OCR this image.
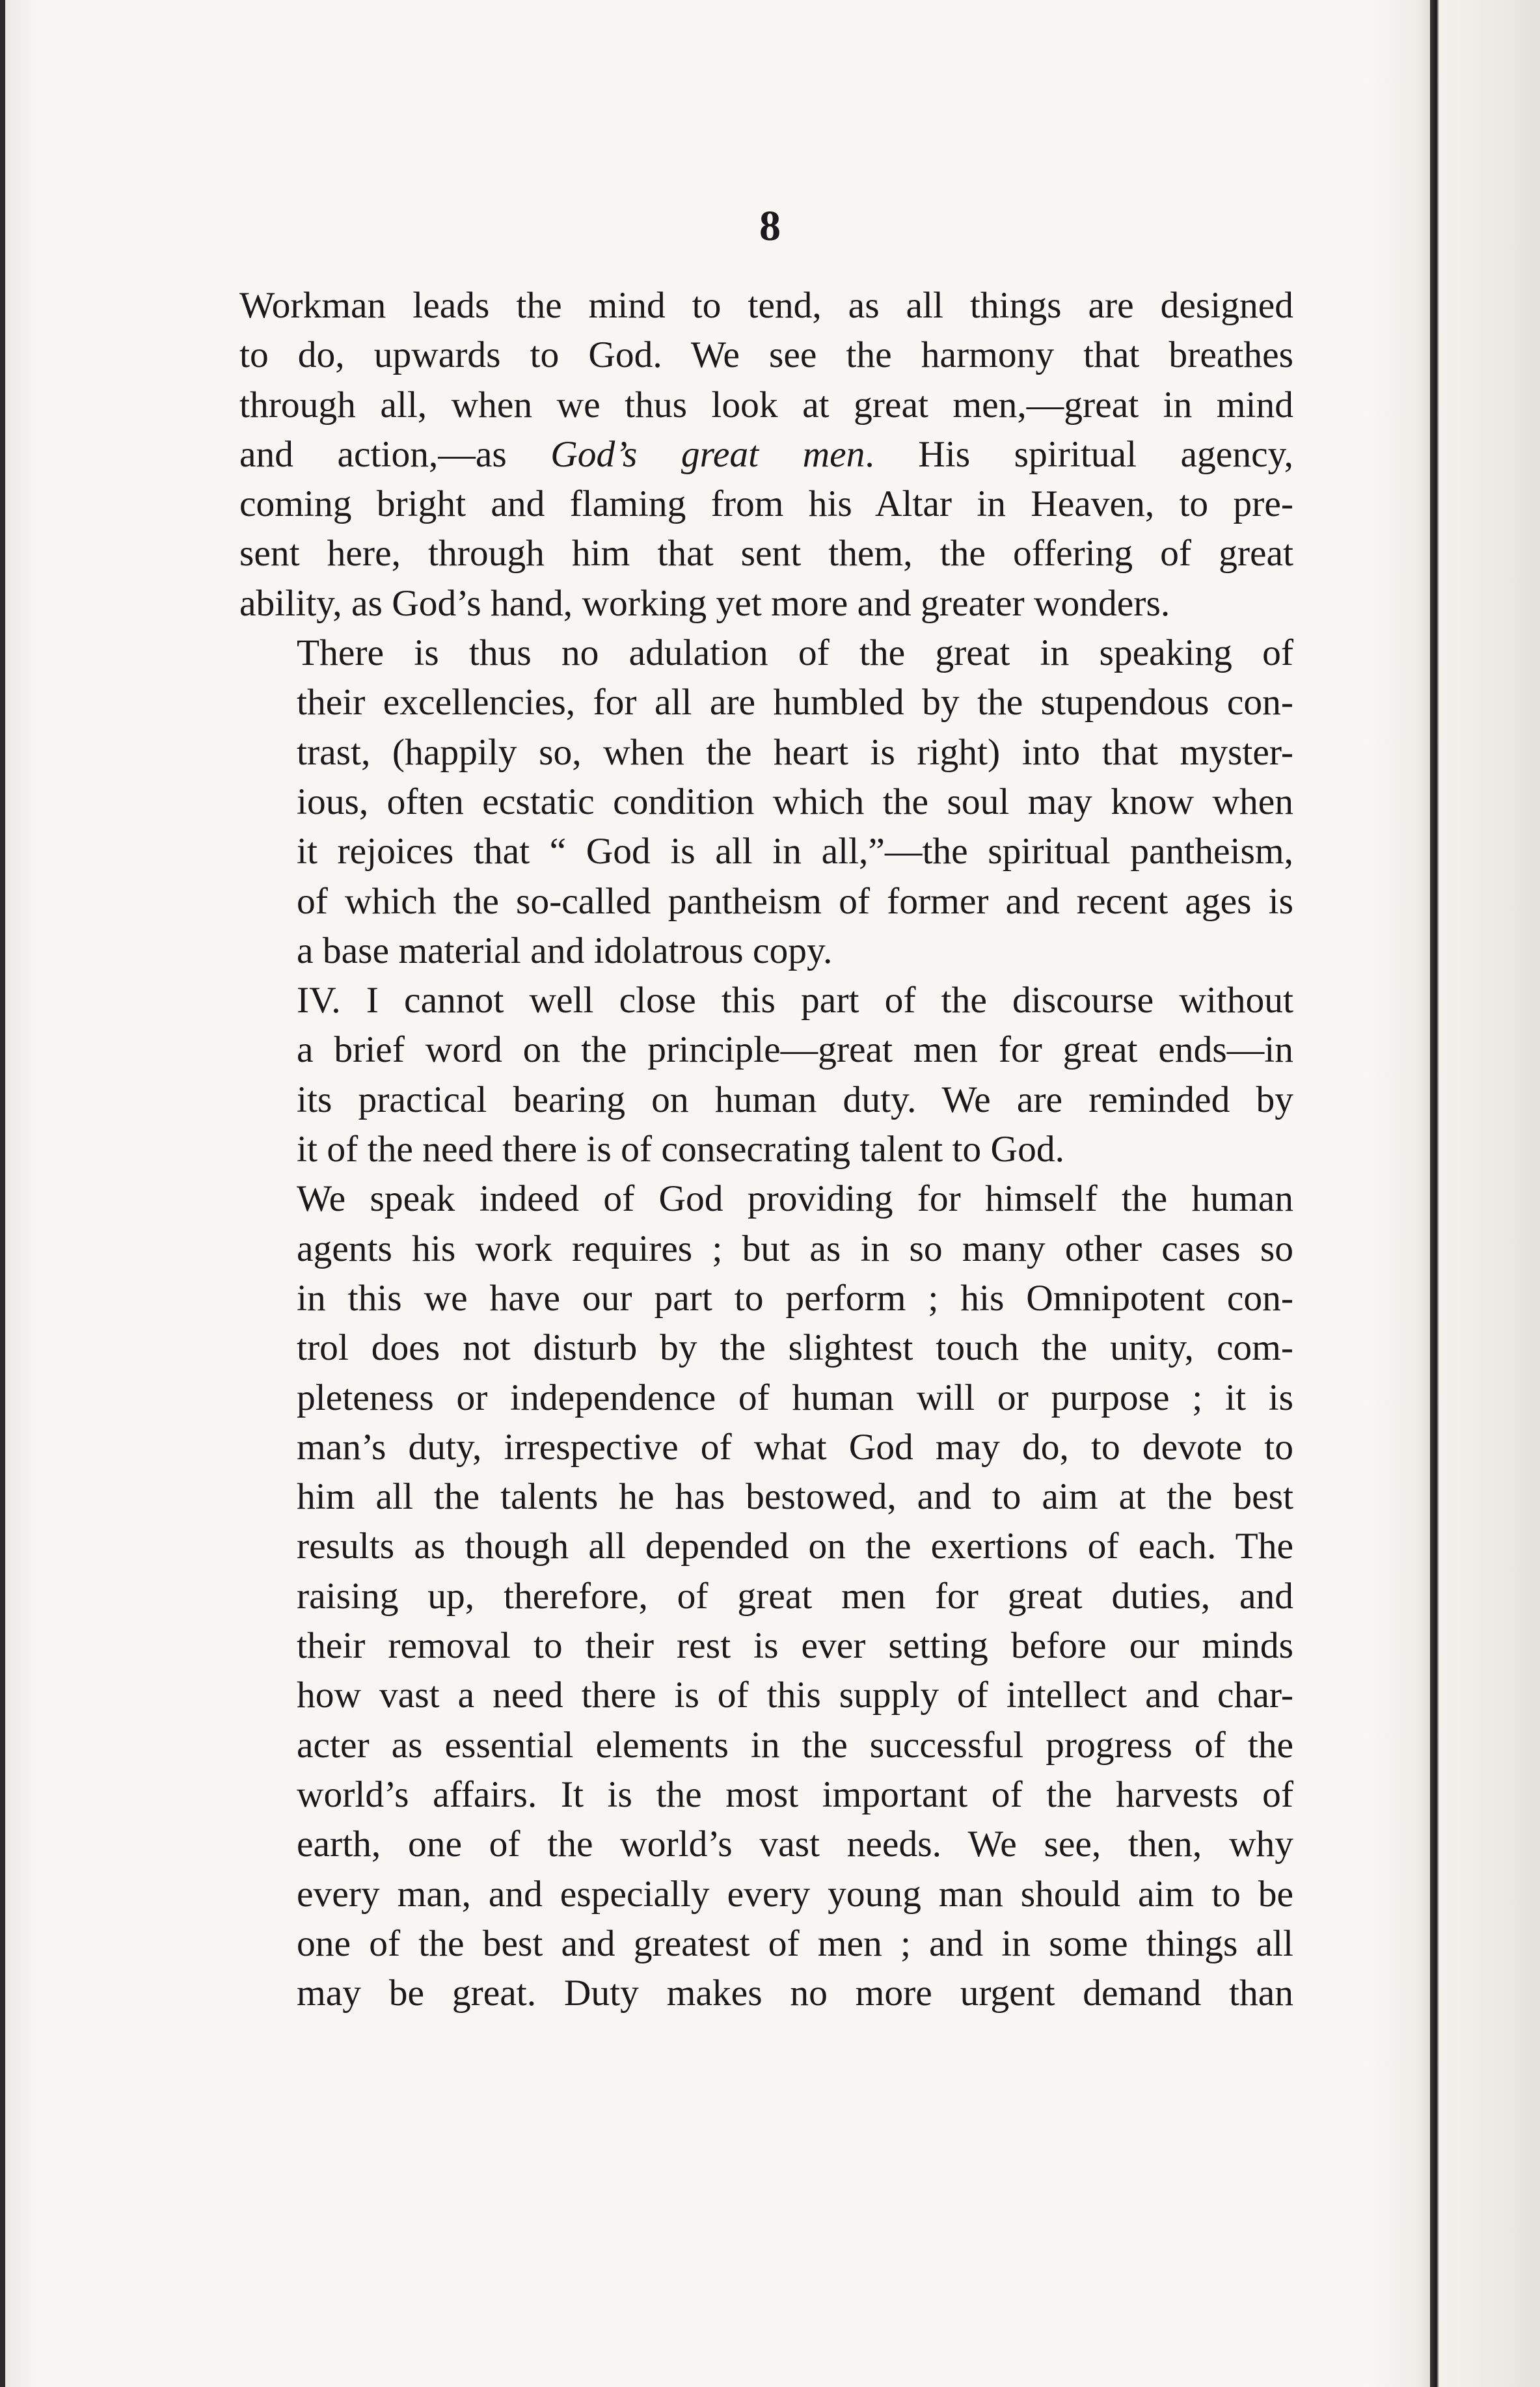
8
Workman leads the mind to tend, as all things are designed
to do, upwards to God. We see the harmony that breathes
through all, when we thus look at great men,—great in mind
and action,—as God’s great men. His spiritual agency,
coming bright and flaming from his Altar in Heaven, to pre-
sent here, through him that sent them, the offering of great
ability, as God’s hand, working yet more and greater wonders.
There is thus no adulation of the great in speaking of
their excellencies, for all are humbled by the stupendous con-
trast, (happily so, when the heart is right) into that myster-
ious, often ecstatic condition which the soul may know when
it rejoices that “ God is all in all,”—the spiritual pantheism,
of which the so-called pantheism of former and recent ages is
a base material and idolatrous copy.
IV. I cannot well close this part of the discourse without
a brief word on the principle—great men for great ends—in
its practical bearing on human duty. We are reminded by
it of the need there is of consecrating talent to God.
We speak indeed of God providing for himself the human
agents his work requires ; but as in so many other cases so
in this we have our part to perform ; his Omnipotent con-
trol does not disturb by the slightest touch the unity, com-
pleteness or independence of human will or purpose ; it is
man’s duty, irrespective of what God may do, to devote to
him all the talents he has bestowed, and to aim at the best
results as though all depended on the exertions of each. The
raising up, therefore, of great men for great duties, and
their removal to their rest is ever setting before our minds
how vast a need there is of this supply of intellect and char-
acter as essential elements in the successful progress of the
world’s affairs. It is the most important of the harvests of
earth, one of the world’s vast needs. We see, then, why
every man, and especially every young man should aim to be
one of the best and greatest of men ; and in some things all
may be great. Duty makes no more urgent demand than
